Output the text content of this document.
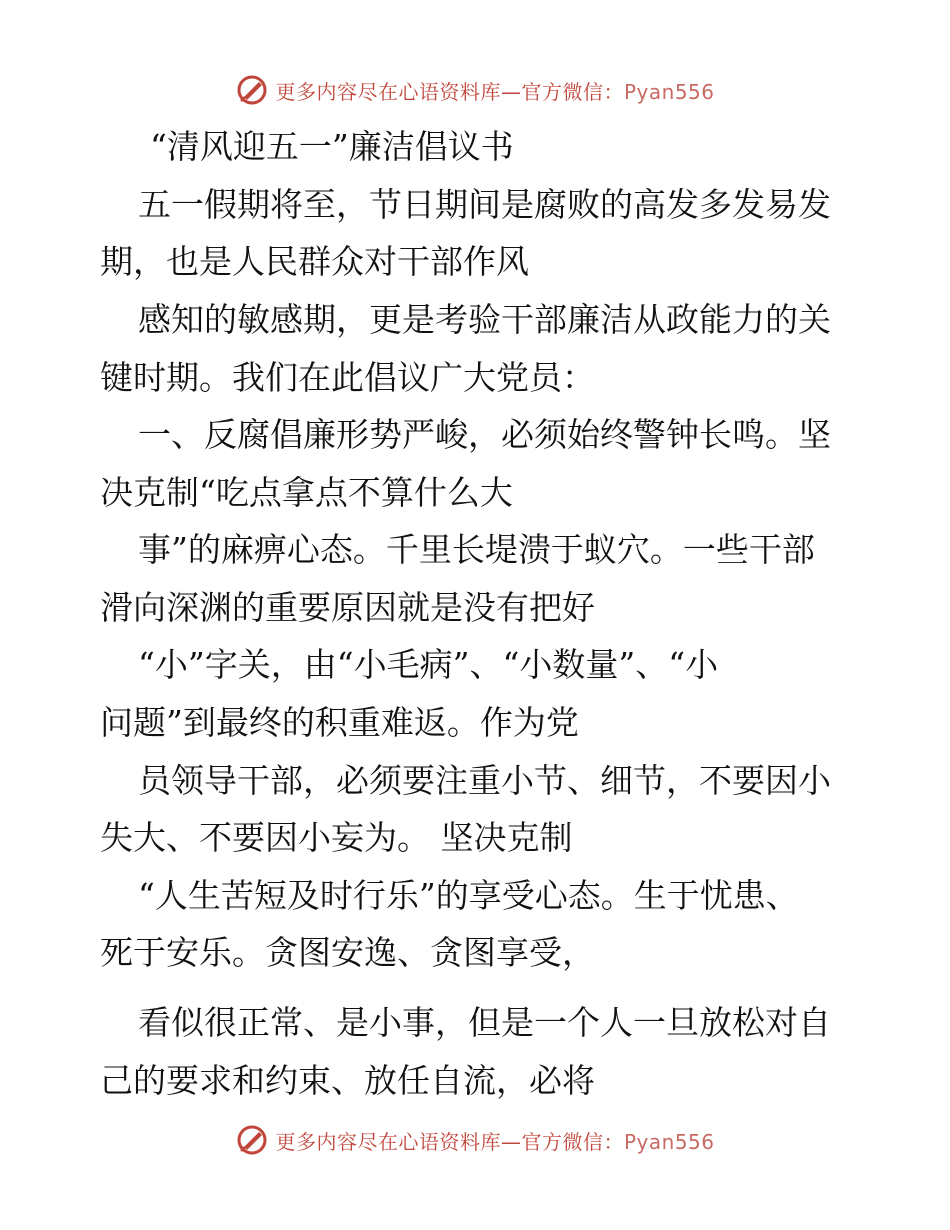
更多内容尽在心语资料库—官方微信：Pyan556
“清风迎五一”廉洁倡议书
五一假期将至，节日期间是腐败的高发多发易发
期，也是人民群众对干部作风
感知的敏感期，更是考验干部廉洁从政能力的关
键时期。我们在此倡议广大党员：
一、反腐倡廉形势严峻，必须始终警钟长鸣。坚
决克制“吃点拿点不算什么大
事”的麻痹心态。千里长堤溃于蚁穴。一些干部
滑向深渊的重要原因就是没有把好
“小”字关，由“小毛病”、“小数量”、“小
问题”到最终的积重难返。作为党
员领导干部，必须要注重小节、细节，不要因小
失大、不要因小妄为。 坚决克制
“人生苦短及时行乐”的享受心态。生于忧患、
死于安乐。贪图安逸、贪图享受，
看似很正常、是小事，但是一个人一旦放松对自
己的要求和约束、放任自流，必将
更多内容尽在心语资料库—官方微信：Pyan556
